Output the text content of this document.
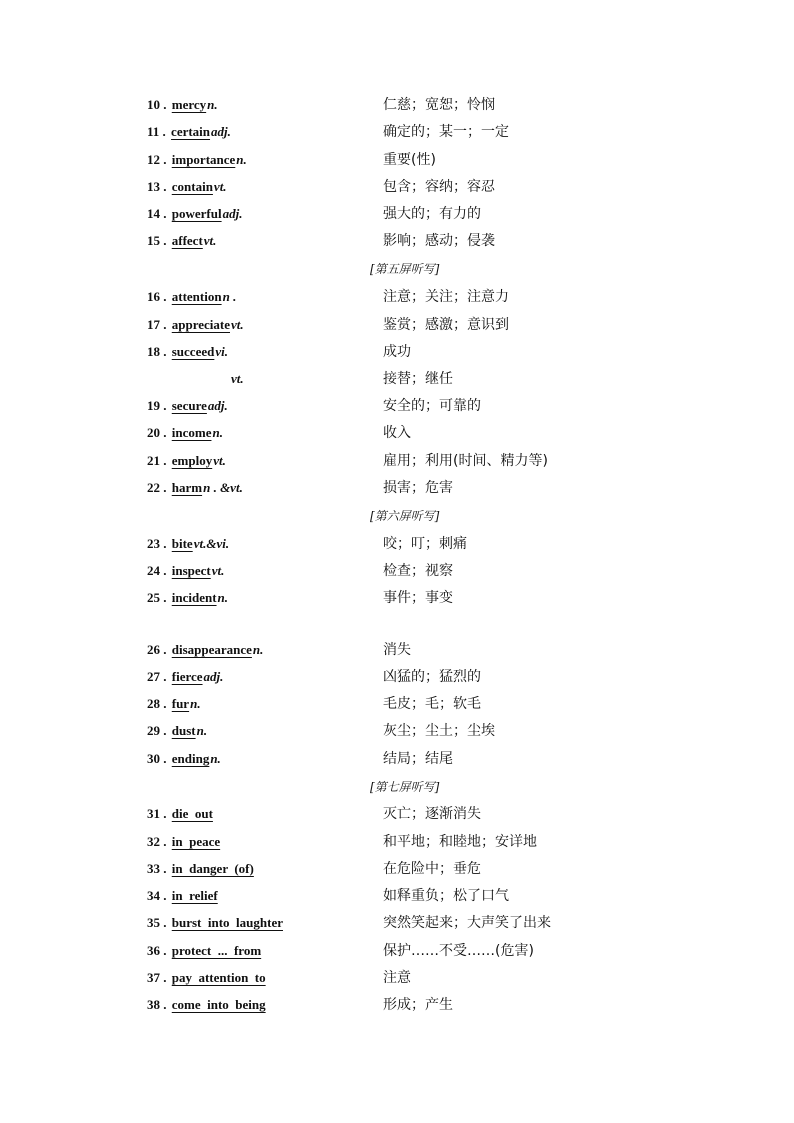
10 . mercyn.	仁慈；宽恕；怜悯
11 . certainadj.	确定的；某一；一定
12 . importancen.	重要(性)
13 . containvt.	包含；容纳；容忍
14 . powerfuladj.	强大的；有力的
15 . affectvt.	影响；感动；侵袭
[第五屏听写]
16 . attentionn .	注意；关注；注意力
17 . appreciatevt.	鉴赏；感激；意识到
18 . succeedvi.	成功
vt.	接替；继任
19 . secureadj.	安全的；可靠的
20 . incomen.	收入
21 . employvt.	雇用；利用(时间、精力等)
22 . harmn . &vt.	损害；危害
[第六屏听写]
23 . bitevt.&vi.	咬；叮；刺痛
24 . inspectvt.	检查；视察
25 . incidentn.	事件；事变
26 . disappearancen.	消失
27 . fierceadj.	凶猛的；猛烈的
28 . furn.	毛皮；毛；软毛
29 . dustn.	灰尘；尘土；尘埃
30 . endingn.	结局；结尾
[第七屏听写]
31 . die  out	灭亡；逐渐消失
32 . in  peace	和平地；和睦地；安详地
33 . in  danger  (of)	在危险中；垂危
34 . in  relief	如释重负；松了口气
35 . burst  into  laughter	突然笑起来；大声笑了出来
36 . protect  ...  from	保护……不受……(危害)
37 . pay  attention  to	注意
38 . come  into  being	形成；产生
